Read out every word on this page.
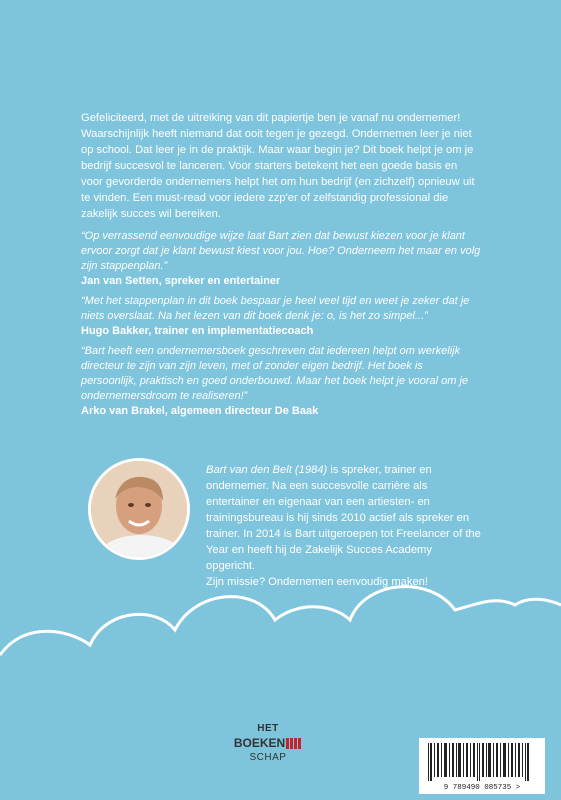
Gefeliciteerd, met de uitreiking van dit papiertje ben je vanaf nu ondernemer! Waarschijnlijk heeft niemand dat ooit tegen je gezegd. Ondernemen leer je niet op school. Dat leer je in de praktijk. Maar waar begin je? Dit boek helpt je om je bedrijf succesvol te lanceren. Voor starters betekent het een goede basis en voor gevorderde ondernemers helpt het om hun bedrijf (en zichzelf) opnieuw uit te vinden. Een must-read voor iedere zzp'er of zelfstandig professional die zakelijk succes wil bereiken.

“Op verrassend eenvoudige wijze laat Bart zien dat bewust kiezen voor je klant ervoor zorgt dat je klant bewust kiest voor jou. Hoe? Onderneem het maar en volg zijn stappenplan.”

Jan van Setten, spreker en entertainer

“Met het stappenplan in dit boek bespaar je heel veel tijd en weet je zeker dat je niets overslaat. Na het lezen van dit boek denk je: o, is het zo simpel...”

Hugo Bakker, trainer en implementatiecoach

“Bart heeft een ondernemersboek geschreven dat iedereen helpt om werkelijk directeur te zijn van zijn leven, met of zonder eigen bedrijf. Het boek is persoonlijk, praktisch en goed onderbouwd. Maar het boek helpt je vooral om je ondernemersdroom te realiseren!”

Arko van Brakel, algemeen directeur De Baak

Bart van den Belt (1984) is spreker, trainer en ondernemer. Na een succesvolle carrière als entertainer en eigenaar van een artiesten- en trainingsbureau is hij sinds 2010 actief als spreker en trainer. In 2014 is Bart uitgeroepen tot Freelancer of the Year en heeft hij de Zakelijk Succes Academy opgericht.

Zijn missie? Ondernemen eenvoudig maken!

HET
BOEKEN
SCHAP
9 789490 085735 >
